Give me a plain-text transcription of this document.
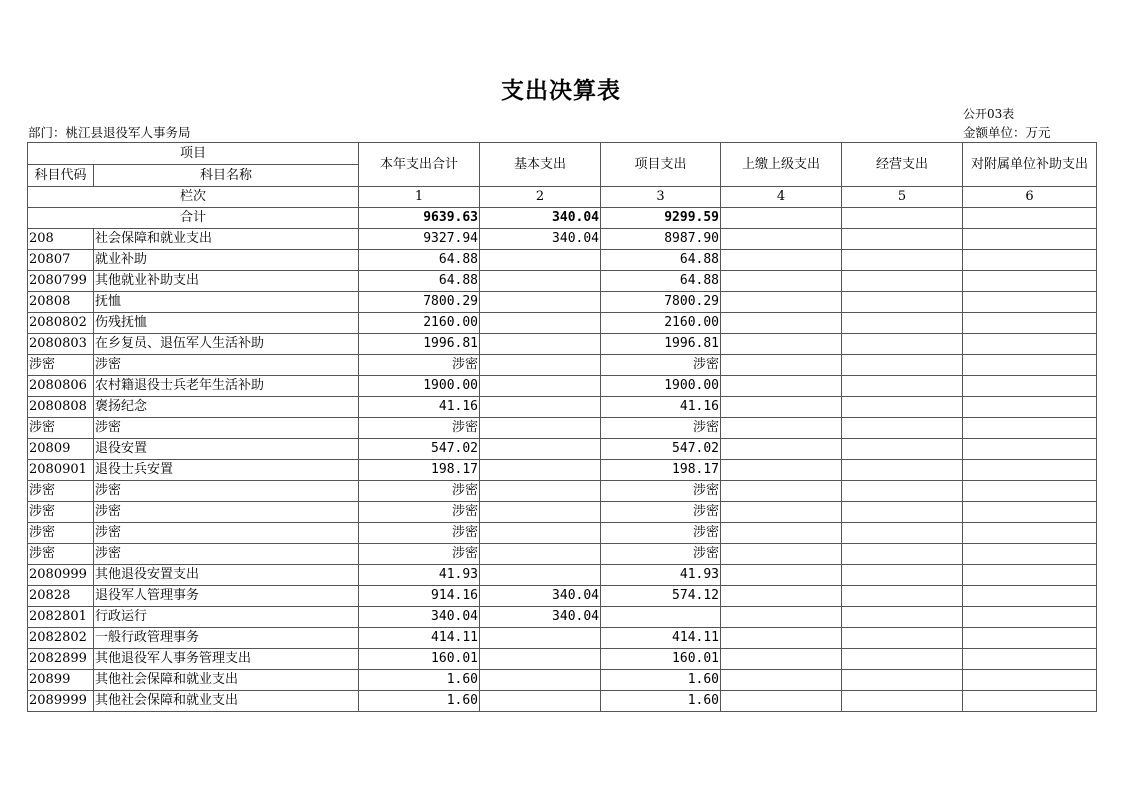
支出决算表
公开03表
部门：桃江县退役军人事务局	金额单位：万元
项目		本年支出合计	基本支出	项目支出	上缴上级支出	经营支出	对附属单位补助支出
科目代码	科目名称						
栏次		1	2	3	4	5	6
合计		9639.63	340.04	9299.59			
208	社会保障和就业支出	9327.94	340.04	8987.90			
20807	就业补助	64.88		64.88			
2080799	其他就业补助支出	64.88		64.88			
20808	抚恤	7800.29		7800.29			
2080802	伤残抚恤	2160.00		2160.00			
2080803	在乡复员、退伍军人生活补助	1996.81		1996.81			
涉密	涉密	涉密		涉密			
2080806	农村籍退役士兵老年生活补助	1900.00		1900.00			
2080808	褒扬纪念	41.16		41.16			
涉密	涉密	涉密		涉密			
20809	退役安置	547.02		547.02			
2080901	退役士兵安置	198.17		198.17			
涉密	涉密	涉密		涉密			
涉密	涉密	涉密		涉密			
涉密	涉密	涉密		涉密			
涉密	涉密	涉密		涉密			
2080999	其他退役安置支出	41.93		41.93			
20828	退役军人管理事务	914.16	340.04	574.12			
2082801	行政运行	340.04	340.04				
2082802	一般行政管理事务	414.11		414.11			
2082899	其他退役军人事务管理支出	160.01		160.01			
20899	其他社会保障和就业支出	1.60		1.60			
2089999	其他社会保障和就业支出	1.60		1.60			
